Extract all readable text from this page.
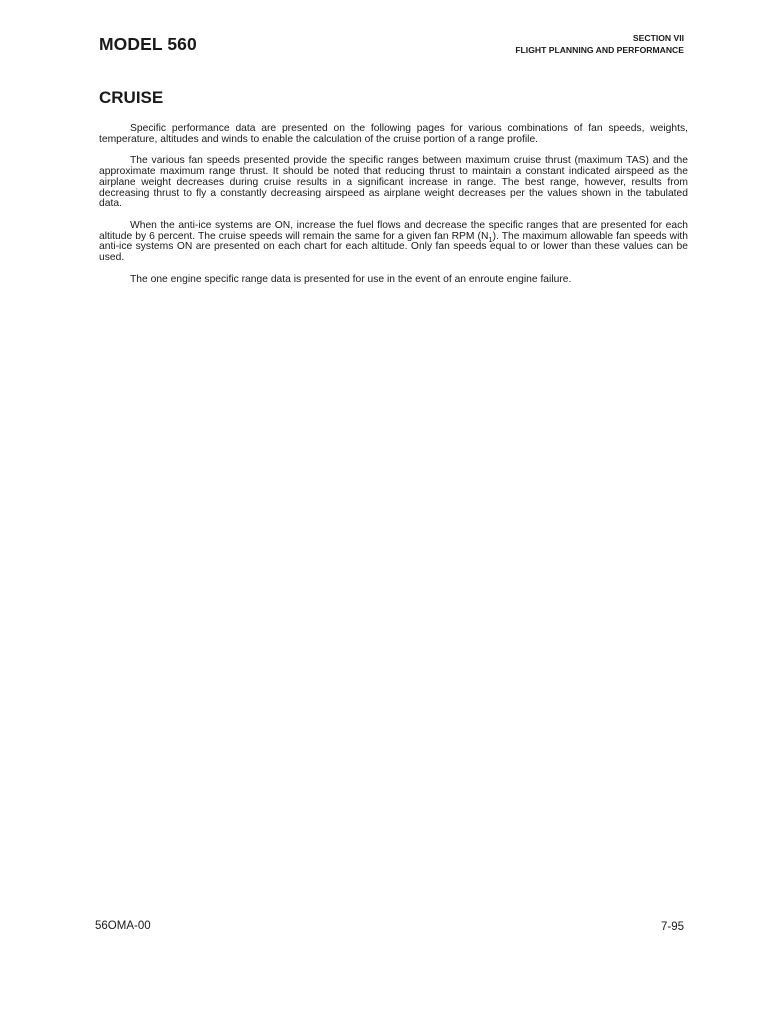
MODEL 560	SECTION VII
FLIGHT PLANNING AND PERFORMANCE
CRUISE

Specific performance data are presented on the following pages for various combinations of fan speeds, weights, temperature, altitudes and winds to enable the calculation of the cruise portion of a range profile.

The various fan speeds presented provide the specific ranges between maximum cruise thrust (maximum TAS) and the approximate maximum range thrust. It should be noted that reducing thrust to maintain a constant indicated airspeed as the airplane weight decreases during cruise results in a significant increase in range. The best range, however, results from decreasing thrust to fly a constantly decreasing airspeed as airplane weight decreases per the values shown in the tabulated data.

When the anti-ice systems are ON, increase the fuel flows and decrease the specific ranges that are presented for each altitude by 6 percent. The cruise speeds will remain the same for a given fan RPM $(N_1)$. The maximum allowable fan speeds with anti-ice systems ON are presented on each chart for each altitude. Only fan speeds equal to or lower than these values can be used.

The one engine specific range data is presented for use in the event of an enroute engine failure.

56OMA-00	7-95
